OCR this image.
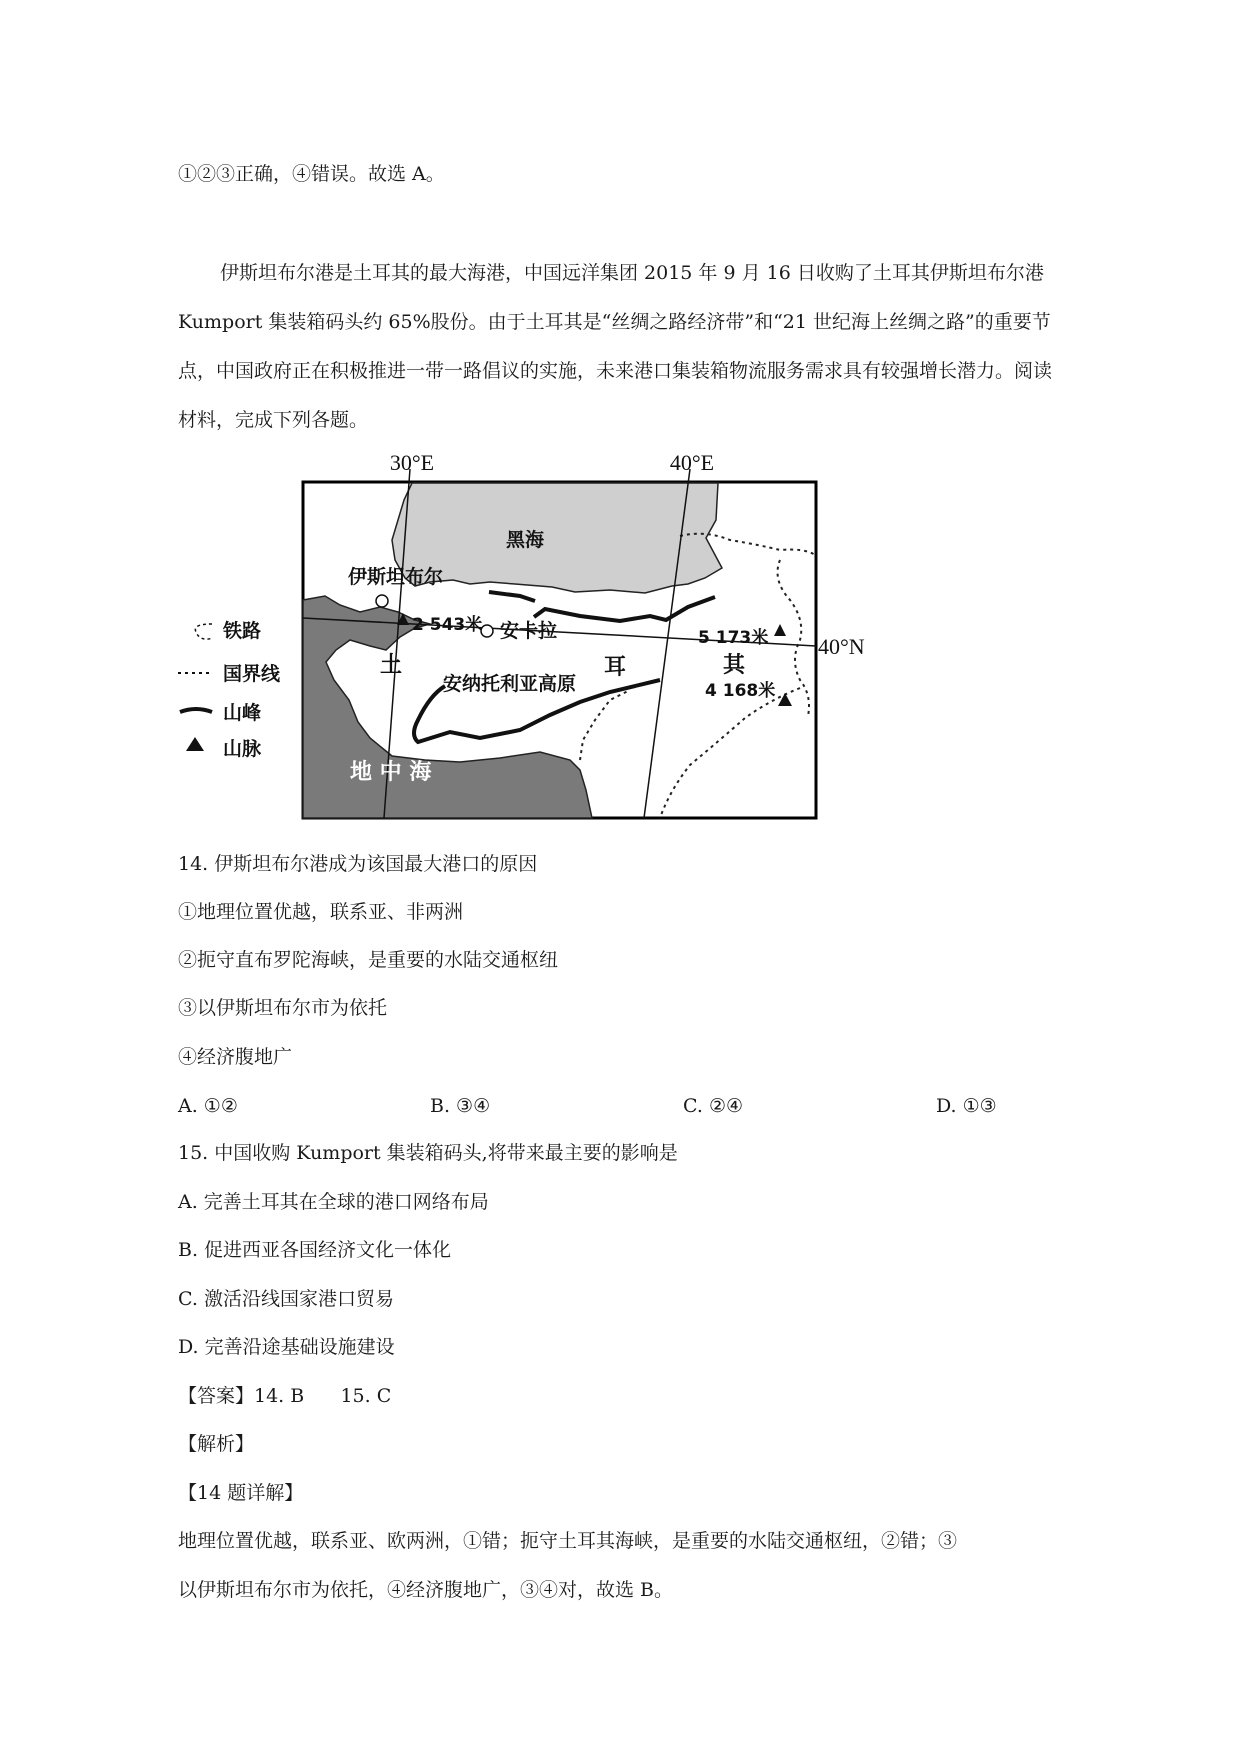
①②③正确，④错误。故选 A。
伊斯坦布尔港是土耳其的最大海港，中国远洋集团 2015 年 9 月 16 日收购了土耳其伊斯坦布尔港 Kumport 集装箱码头约 65%股份。由于土耳其是“丝绸之路经济带”和“21 世纪海上丝绸之路”的重要节点，中国政府正在积极推进一带一路倡议的实施，未来港口集装箱物流服务需求具有较强增长潜力。阅读材料，完成下列各题。
30°E	40°E
40°N
黑海
地 中 海
伊斯坦布尔
安卡拉
安纳托利亚高原
土	耳	其
2 543米
5 173米
4 168米
铁路
国界线
山峰
山脉
14. 伊斯坦布尔港成为该国最大港口的原因
①地理位置优越，联系亚、非两洲
②扼守直布罗陀海峡，是重要的水陆交通枢纽
③以伊斯坦布尔市为依托
④经济腹地广
A. ①②	B. ③④	C. ②④	D. ①③
15. 中国收购 Kumport 集装箱码头,将带来最主要的影响是
A. 完善土耳其在全球的港口网络布局
B. 促进西亚各国经济文化一体化
C. 激活沿线国家港口贸易
D. 完善沿途基础设施建设
【答案】14. B      15. C
【解析】
【14 题详解】
地理位置优越，联系亚、欧两洲，①错；扼守土耳其海峡，是重要的水陆交通枢纽，②错；③
以伊斯坦布尔市为依托，④经济腹地广，③④对，故选 B。
